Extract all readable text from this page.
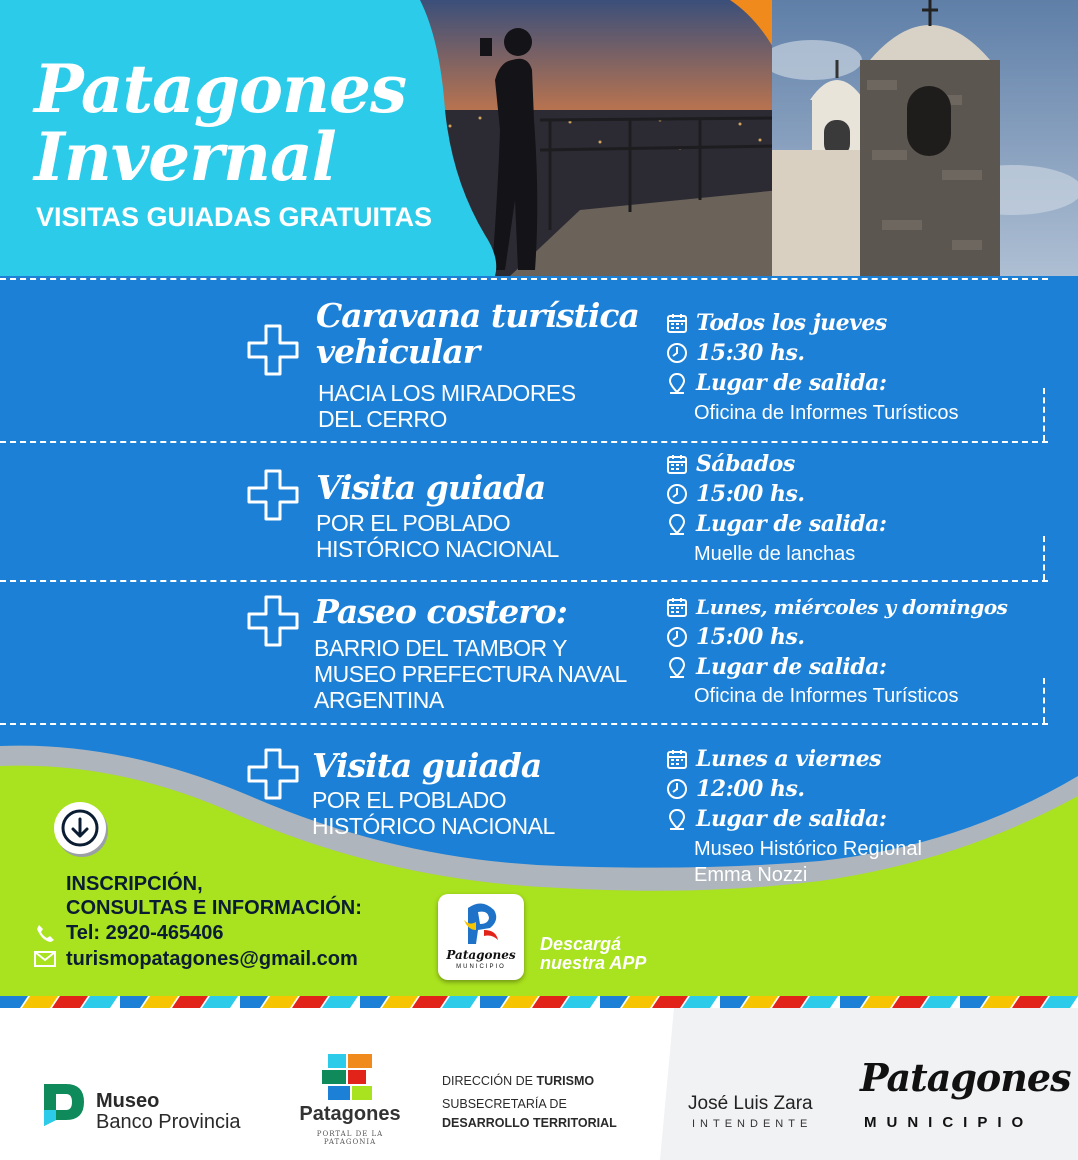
Patagones
Invernal
VISITAS GUIADAS GRATUITAS
Caravana turística
vehicular
HACIA LOS MIRADORES
DEL CERRO
Todos los jueves
15:30 hs.
Lugar de salida:
Oficina de Informes Turísticos
Visita guiada
POR EL POBLADO
HISTÓRICO NACIONAL
Sábados
15:00 hs.
Lugar de salida:
Muelle de lanchas
Paseo costero:
BARRIO DEL TAMBOR Y
MUSEO PREFECTURA NAVAL
ARGENTINA
Lunes, miércoles y domingos
15:00 hs.
Lugar de salida:
Oficina de Informes Turísticos
Visita guiada
POR EL POBLADO
HISTÓRICO NACIONAL
Lunes a viernes
12:00 hs.
Lugar de salida:
Museo Histórico Regional
Emma Nozzi
INSCRIPCIÓN,
CONSULTAS E INFORMACIÓN:
Tel: 2920-465406
turismopatagones@gmail.com	Patagones
MUNICIPIO
Descargá
nuestra APP
Museo
Banco Provincia	Patagones
PORTAL DE LA PATAGONIA
DIRECCIÓN DE TURISMO
SUBSECRETARÍA DE
DESARROLLO TERRITORIAL
José Luis Zara
INTENDENTE
Patagones
MUNICIPIO
